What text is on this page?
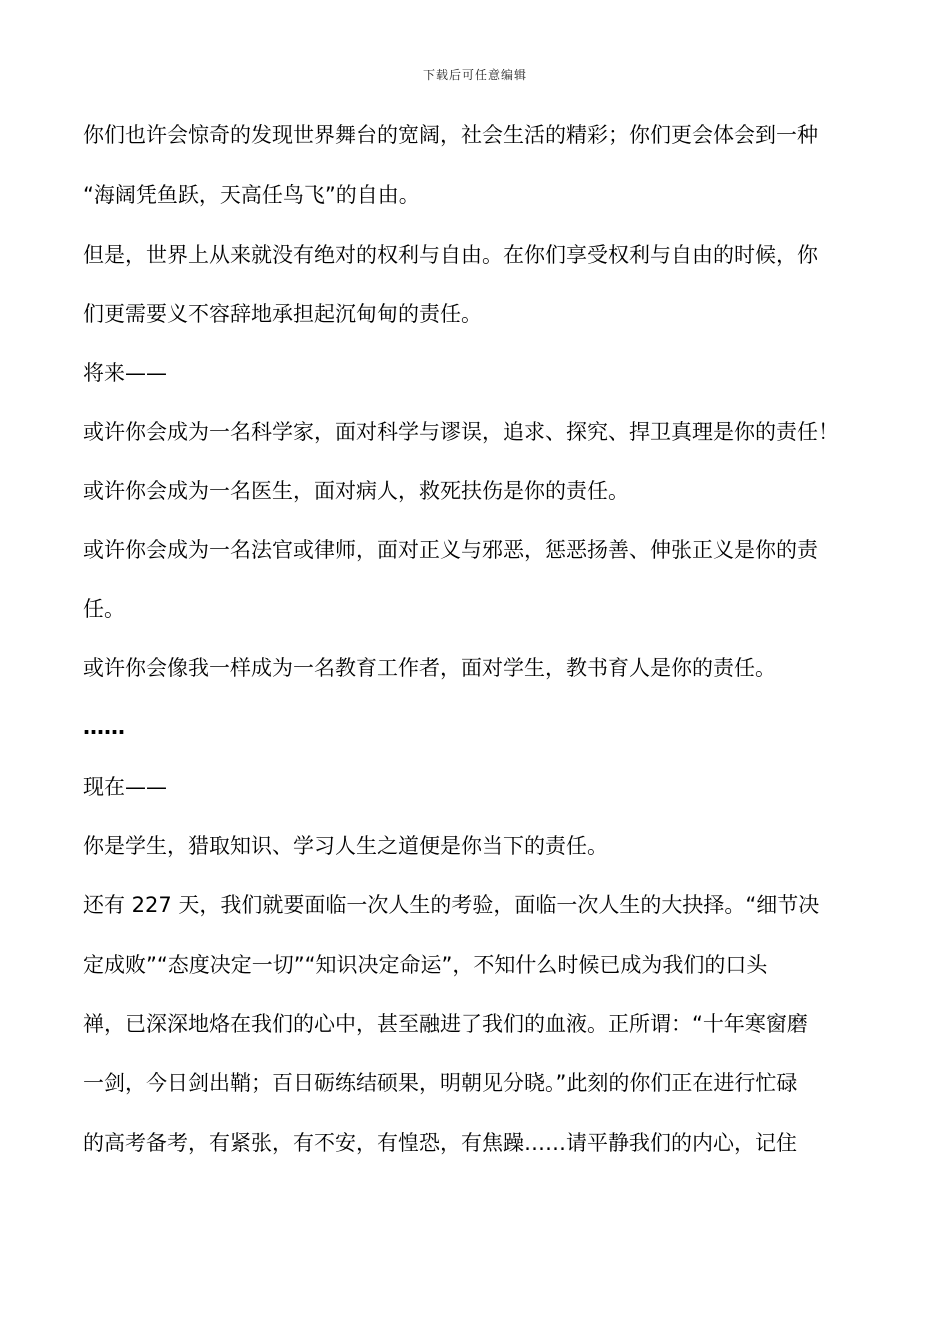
下载后可任意编辑

你们也许会惊奇的发现世界舞台的宽阔，社会生活的精彩；你们更会体会到一种

“海阔凭鱼跃，天高任鸟飞”的自由。

但是，世界上从来就没有绝对的权利与自由。在你们享受权利与自由的时候，你

们更需要义不容辞地承担起沉甸甸的责任。

将来——

或许你会成为一名科学家，面对科学与谬误，追求、探究、捍卫真理是你的责任！

或许你会成为一名医生，面对病人，救死扶伤是你的责任。

或许你会成为一名法官或律师，面对正义与邪恶，惩恶扬善、伸张正义是你的责

任。

或许你会像我一样成为一名教育工作者，面对学生，教书育人是你的责任。

……

现在——

你是学生，猎取知识、学习人生之道便是你当下的责任。

还有 227 天，我们就要面临一次人生的考验，面临一次人生的大抉择。“细节决

定成败”“态度决定一切”“知识决定命运”，不知什么时候已成为我们的口头

禅，已深深地烙在我们的心中，甚至融进了我们的血液。正所谓：“十年寒窗磨

一剑，今日剑出鞘；百日砺练结硕果，明朝见分晓。”此刻的你们正在进行忙碌

的高考备考，有紧张，有不安，有惶恐，有焦躁……请平静我们的内心，记住
